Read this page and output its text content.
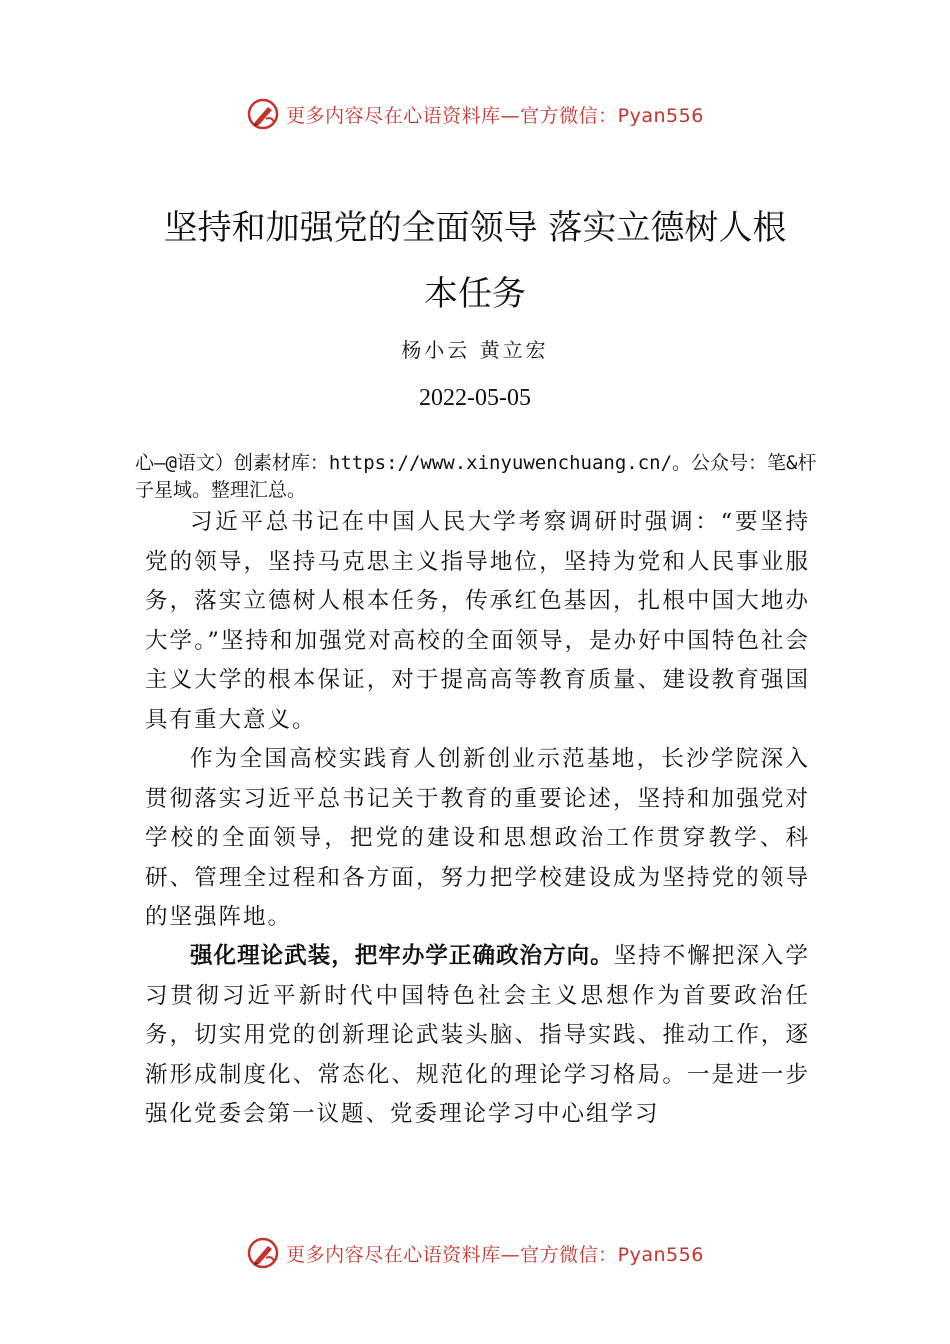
更多内容尽在心语资料库—官方微信：Pyan556
坚持和加强党的全面领导 落实立德树人根
本任务
杨小云 黄立宏
2022-05-05

心—@语文）创素材库：https://www.xinyuwenchuang.cn/。公众号：笔&杆子星域。整理汇总。

习近平总书记在中国人民大学考察调研时强调：“要坚持党的领导，坚持马克思主义指导地位，坚持为党和人民事业服务，落实立德树人根本任务，传承红色基因，扎根中国大地办大学。”坚持和加强党对高校的全面领导，是办好中国特色社会主义大学的根本保证，对于提高高等教育质量、建设教育强国具有重大意义。

作为全国高校实践育人创新创业示范基地，长沙学院深入贯彻落实习近平总书记关于教育的重要论述，坚持和加强党对学校的全面领导，把党的建设和思想政治工作贯穿教学、科研、管理全过程和各方面，努力把学校建设成为坚持党的领导的坚强阵地。

强化理论武装，把牢办学正确政治方向。坚持不懈把深入学习贯彻习近平新时代中国特色社会主义思想作为首要政治任务，切实用党的创新理论武装头脑、指导实践、推动工作，逐渐形成制度化、常态化、规范化的理论学习格局。一是进一步强化党委会第一议题、党委理论学习中心组学习

更多内容尽在心语资料库—官方微信：Pyan556
